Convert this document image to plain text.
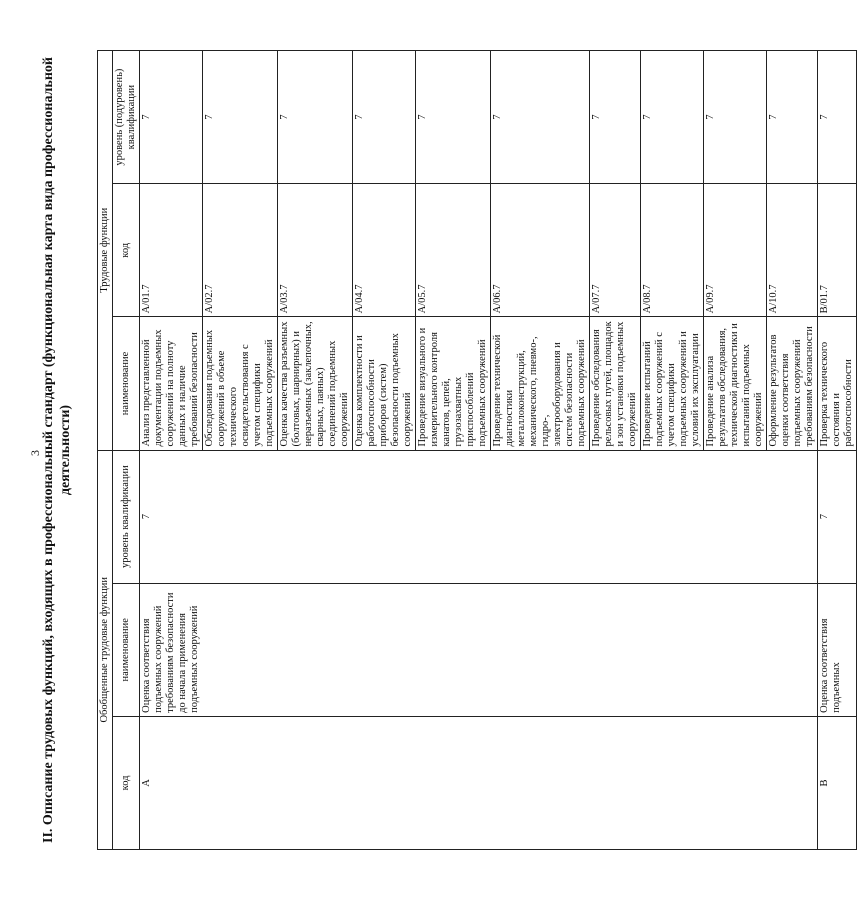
3 II. Описание трудовых функций, входящих в профессиональный стандарт (функциональная карта вида профессиональной деятельности)
Обобщенные трудовые функции			Трудовые функции		
код	наименование	уровень квалификации	наименование	код	уровень (подуровень) квалификации
A	Оценка соответствия подъемных сооружений требованиям безопасности до начала применения подъемных сооружений	7	Анализ представленной документации подъемных сооружений на полноту данных и наличие требований безопасности	A/01.7	7
			Обследования подъемных сооружений в объеме технического освидетельствования с учетом специфики подъемных сооружений	A/02.7	7
			Оценка качества разъемных (болтовых, шарнирных) и неразъемных (заклепочных, сварных, паяных) соединений подъемных сооружений	A/03.7	7
			Оценка комплектности и работоспособности приборов (систем) безопасности подъемных сооружений	A/04.7	7
			Проведение визуального и измерительного контроля канатов, цепей, грузозахватных приспособлений подъемных сооружений	A/05.7	7
			Проведение технической диагностики металлоконструкций, механического, пневмо-, гидро-, электрооборудования и систем безопасности подъемных сооружений	A/06.7	7
			Проведение обследования рельсовых путей, площадок и зон установки подъемных сооружений	A/07.7	7
			Проведение испытаний подъемных сооружений с учетом специфики подъемных сооружений и условий их эксплуатации	A/08.7	7
			Проведение анализа результатов обследования, технической диагностики и испытаний подъемных сооружений	A/09.7	7
			Оформление результатов оценки соответствия подъемных сооружений требованиям безопасности	A/10.7	7
B	Оценка соответствия подъемных	7	Проверка технического состояния и работоспособности	B/01.7	7
